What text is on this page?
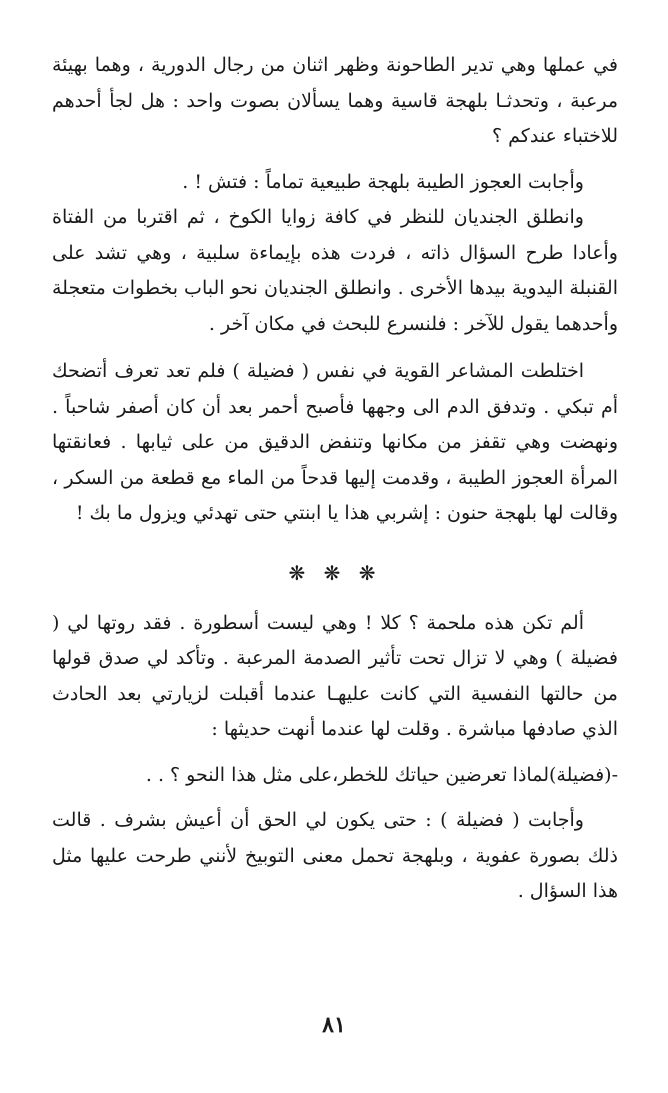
في عملها وهي تدير الطاحونة وظهر اثنان من رجال الدورية ، وهما بهيئة مرعبة ، وتحدثـا بلهجة قاسية وهما يسألان بصوت واحد : هل لجأ أحدهم للاختباء عندكم ؟

وأجابت العجوز الطيبة بلهجة طبيعية تماماً : فتش ! .

وانطلق الجنديان للنظر في كافة زوايا الكوخ ، ثم اقتربا من الفتاة وأعادا طرح السؤال ذاته ، فردت هذه بإيماءة سلبية ، وهي تشد على القنبلة اليدوية بيدها الأخرى . وانطلق الجنديان نحو الباب بخطوات متعجلة وأحدهما يقول للآخر : فلنسرع للبحث في مكان آخر .

اختلطت المشاعر القوية في نفس ( فضيلة ) فلم تعد تعرف أتضحك أم تبكي . وتدفق الدم الى وجهها فأصبح أحمر بعد أن كان أصفر شاحباً . ونهضت وهي تقفز من مكانها وتنفض الدقيق من على ثيابها . فعانقتها المرأة العجوز الطيبة ، وقدمت إليها قدحاً من الماء مع قطعة من السكر ، وقالت لها بلهجة حنون : إشربي هذا يا ابنتي حتى تهدئي ويزول ما بك !

❋ ❋ ❋

ألم تكن هذه ملحمة ؟ كلا ! وهي ليست أسطورة . فقد روتها لي ( فضيلة ) وهي لا تزال تحت تأثير الصدمة المرعبة . وتأكد لي صدق قولها من حالتها النفسية التي كانت عليهـا عندما أقبلت لزيارتي بعد الحادث الذي صادفها مباشرة . وقلت لها عندما أنهت حديثها :

-(فضيلة)لماذا تعرضين حياتك للخطر،على مثل هذا النحو ؟ . .

وأجابت ( فضيلة ) : حتى يكون لي الحق أن أعيش بشرف . قالت ذلك بصورة عفوية ، وبلهجة تحمل معنى التوبيخ لأنني طرحت عليها مثل هذا السؤال .

٨١
